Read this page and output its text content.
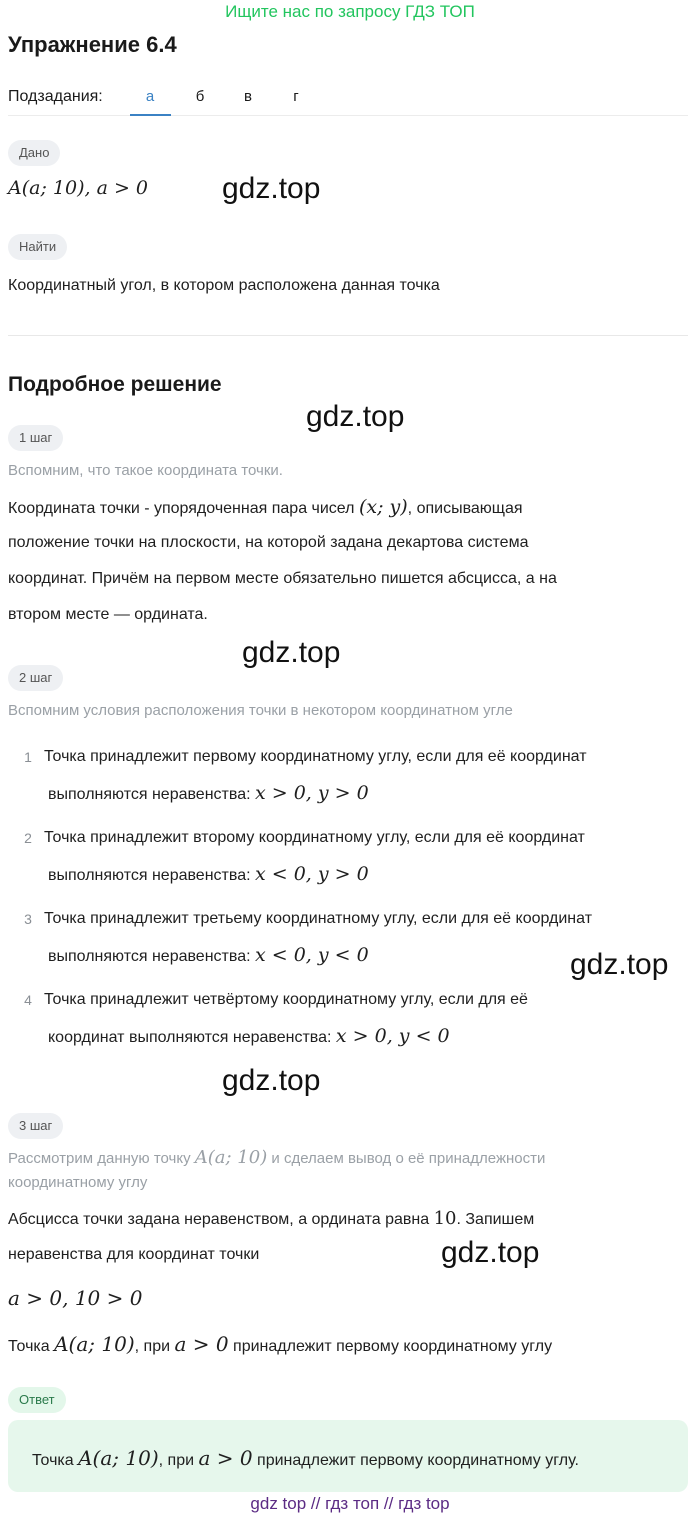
Ищите нас по запросу ГДЗ ТОП
Упражнение 6.4
Подзадания:	а	б	в	г
Дано
A(a; 10), a > 0 gdz.top
Найти
Координатный угол, в котором расположена данная точка
Подробное решение
gdz.top
1 шаг
Вспомним, что такое координата точки.
Координата точки - упорядоченная пара чисел (x; y), описывающая
положение точки на плоскости, на которой задана декартова система
координат. Причём на первом месте обязательно пишется абсцисса, а на
втором месте — ордината.
gdz.top
2 шаг
Вспомним условия расположения точки в некотором координатном угле
1 Точка принадлежит первому координатному углу, если для её координат
выполняются неравенства: x > 0, y > 0
2 Точка принадлежит второму координатному углу, если для её координат
выполняются неравенства: x < 0, y > 0
3 Точка принадлежит третьему координатному углу, если для её координат
выполняются неравенства: x < 0, y < 0	gdz.top
4 Точка принадлежит четвёртому координатному углу, если для её
координат выполняются неравенства: x > 0, y < 0
gdz.top
3 шаг
Рассмотрим данную точку A(a; 10) и сделаем вывод о её принадлежности
координатному углу
Абсцисса точки задана неравенством, а ордината равна 10. Запишем
неравенства для координат точки	gdz.top
a > 0, 10 > 0
Точка A(a; 10), при a > 0 принадлежит первому координатному углу
Ответ
Точка A(a; 10), при a > 0 принадлежит первому координатному углу.
gdz top // гдз топ // гдз top
